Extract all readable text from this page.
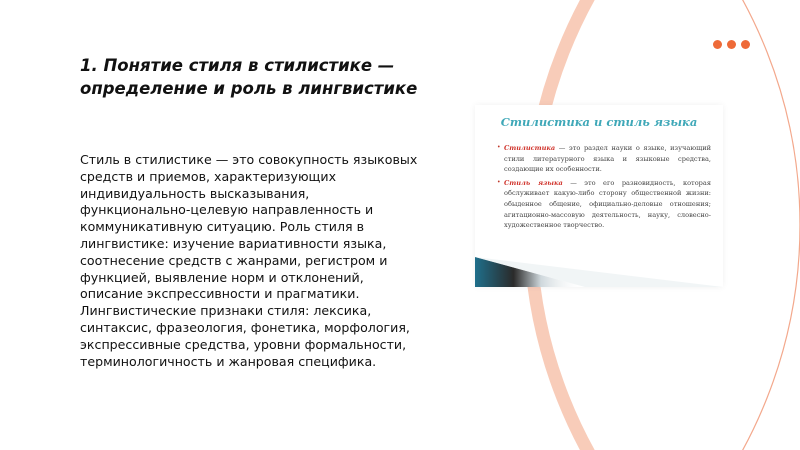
1. Понятие стиля в стилистике —
определение и роль в лингвистике

Стиль в стилистике — это совокупность языковых средств и приемов, характеризующих индивидуальность высказывания, функционально-целевую направленность и коммуникативную ситуацию. Роль стиля в лингвистике: изучение вариативности языка, соотнесение средств с жанрами, регистром и функцией, выявление норм и отклонений, описание экспрессивности и прагматики. Лингвистические признаки стиля: лексика, синтаксис, фразеология, фонетика, морфология, экспрессивные средства, уровни формальности, терминологичность и жанровая специфика.

Стилистика и стиль языка

• Стилистика — это раздел науки о языке, изучающий стили литературного языка и языковые средства, создающие их особенности.
• Стиль языка — это его разновидность, которая обслуживает какую-либо сторону общественной жизни: обыденное общение, официально-деловые отношения; агитационно-массовую деятельность, науку, словесно-художественное творчество.
